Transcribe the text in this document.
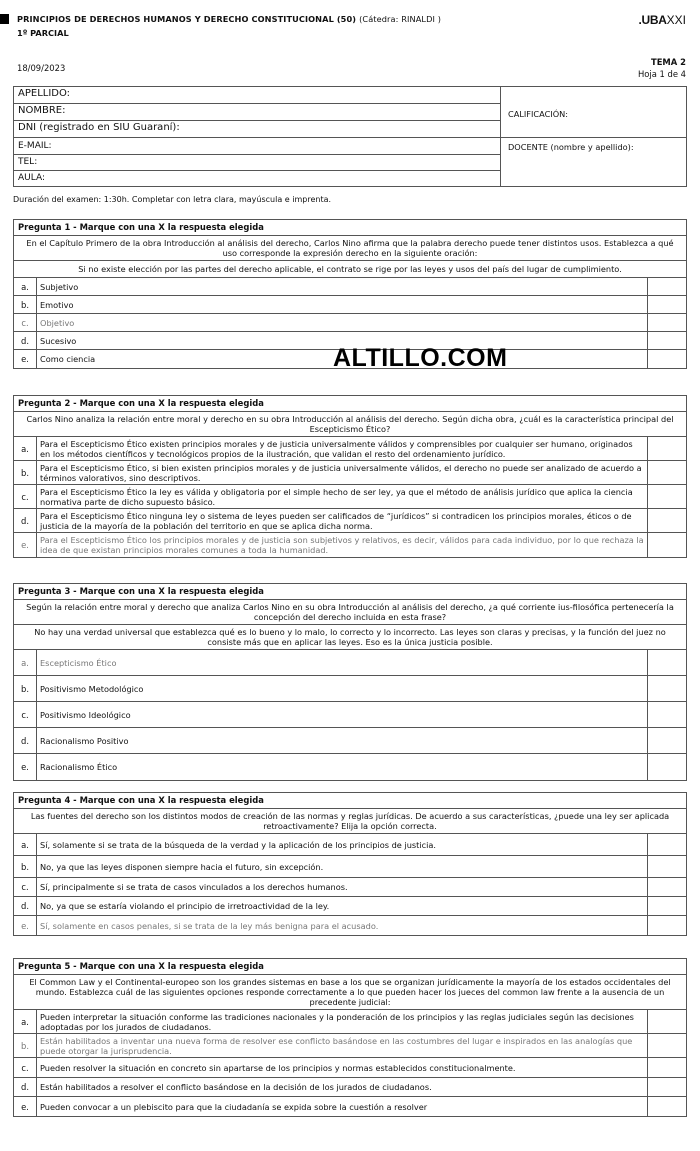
PRINCIPIOS DE DERECHOS HUMANOS Y DERECHO CONSTITUCIONAL (50) (Cátedra: RINALDI )
1º PARCIAL
.UBAXXI
18/09/2023
TEMA 2
Hoja 1 de 4
APELLIDO:
NOMBRE:
DNI (registrado en SIU Guaraní):
E-MAIL:
TEL:
AULA:
CALIFICACIÓN:
DOCENTE (nombre y apellido):
Duración del examen: 1:30h. Completar con letra clara, mayúscula e imprenta.
Pregunta 1 - Marque con una X la respuesta elegida
En el Capítulo Primero de la obra Introducción al análisis del derecho, Carlos Nino afirma que la palabra derecho puede tener distintos usos. Establezca a qué uso corresponde la expresión derecho en la siguiente oración:
Si no existe elección por las partes del derecho aplicable, el contrato se rige por las leyes y usos del país del lugar de cumplimiento.
a.	Subjetivo
b.	Emotivo
c.	Objetivo
d.	Sucesivo
e.	Como ciencia	ALTILLO.COM
Pregunta 2 - Marque con una X la respuesta elegida
Carlos Nino analiza la relación entre moral y derecho en su obra Introducción al análisis del derecho. Según dicha obra, ¿cuál es la característica principal del Escepticismo Ético?
a.	Para el Escepticismo Ético existen principios morales y de justicia universalmente válidos y comprensibles por cualquier ser humano, originados en los métodos científicos y tecnológicos propios de la ilustración, que validan el resto del ordenamiento jurídico.
b.	Para el Escepticismo Ético, si bien existen principios morales y de justicia universalmente válidos, el derecho no puede ser analizado de acuerdo a términos valorativos, sino descriptivos.
c.	Para el Escepticismo Ético la ley es válida y obligatoria por el simple hecho de ser ley, ya que el método de análisis jurídico que aplica la ciencia normativa parte de dicho supuesto básico.
d.	Para el Escepticismo Ético ninguna ley o sistema de leyes pueden ser calificados de “jurídicos” si contradicen los principios morales, éticos o de justicia de la mayoría de la población del territorio en que se aplica dicha norma.
e.	Para el Escepticismo Ético los principios morales y de justicia son subjetivos y relativos, es decir, válidos para cada individuo, por lo que rechaza la idea de que existan principios morales comunes a toda la humanidad.
Pregunta 3 - Marque con una X la respuesta elegida
Según la relación entre moral y derecho que analiza Carlos Nino en su obra Introducción al análisis del derecho, ¿a qué corriente ius-filosófica pertenecería la concepción del derecho incluida en esta frase?
No hay una verdad universal que establezca qué es lo bueno y lo malo, lo correcto y lo incorrecto. Las leyes son claras y precisas, y la función del juez no consiste más que en aplicar las leyes. Eso es la única justicia posible.
a.	Escepticismo Ético
b.	Positivismo Metodológico
c.	Positivismo Ideológico
d.	Racionalismo Positivo
e.	Racionalismo Ético
Pregunta 4 - Marque con una X la respuesta elegida
Las fuentes del derecho son los distintos modos de creación de las normas y reglas jurídicas. De acuerdo a sus características, ¿puede una ley ser aplicada retroactivamente? Elija la opción correcta.
a.	Sí, solamente si se trata de la búsqueda de la verdad y la aplicación de los principios de justicia.
b.	No, ya que las leyes disponen siempre hacia el futuro, sin excepción.
c.	Sí, principalmente si se trata de casos vinculados a los derechos humanos.
d.	No, ya que se estaría violando el principio de irretroactividad de la ley.
e.	Sí, solamente en casos penales, si se trata de la ley más benigna para el acusado.
Pregunta 5 - Marque con una X la respuesta elegida
El Common Law y el Continental-europeo son los grandes sistemas en base a los que se organizan jurídicamente la mayoría de los estados occidentales del mundo. Establezca cuál de las siguientes opciones responde correctamente a lo que pueden hacer los jueces del common law frente a la ausencia de un precedente judicial:
a.	Pueden interpretar la situación conforme las tradiciones nacionales y la ponderación de los principios y las reglas judiciales según las decisiones adoptadas por los jurados de ciudadanos.
b.	Están habilitados a inventar una nueva forma de resolver ese conflicto basándose en las costumbres del lugar e inspirados en las analogías que puede otorgar la jurisprudencia.
c.	Pueden resolver la situación en concreto sin apartarse de los principios y normas establecidos constitucionalmente.
d.	Están habilitados a resolver el conflicto basándose en la decisión de los jurados de ciudadanos.
e.	Pueden convocar a un plebiscito para que la ciudadanía se expida sobre la cuestión a resolver
